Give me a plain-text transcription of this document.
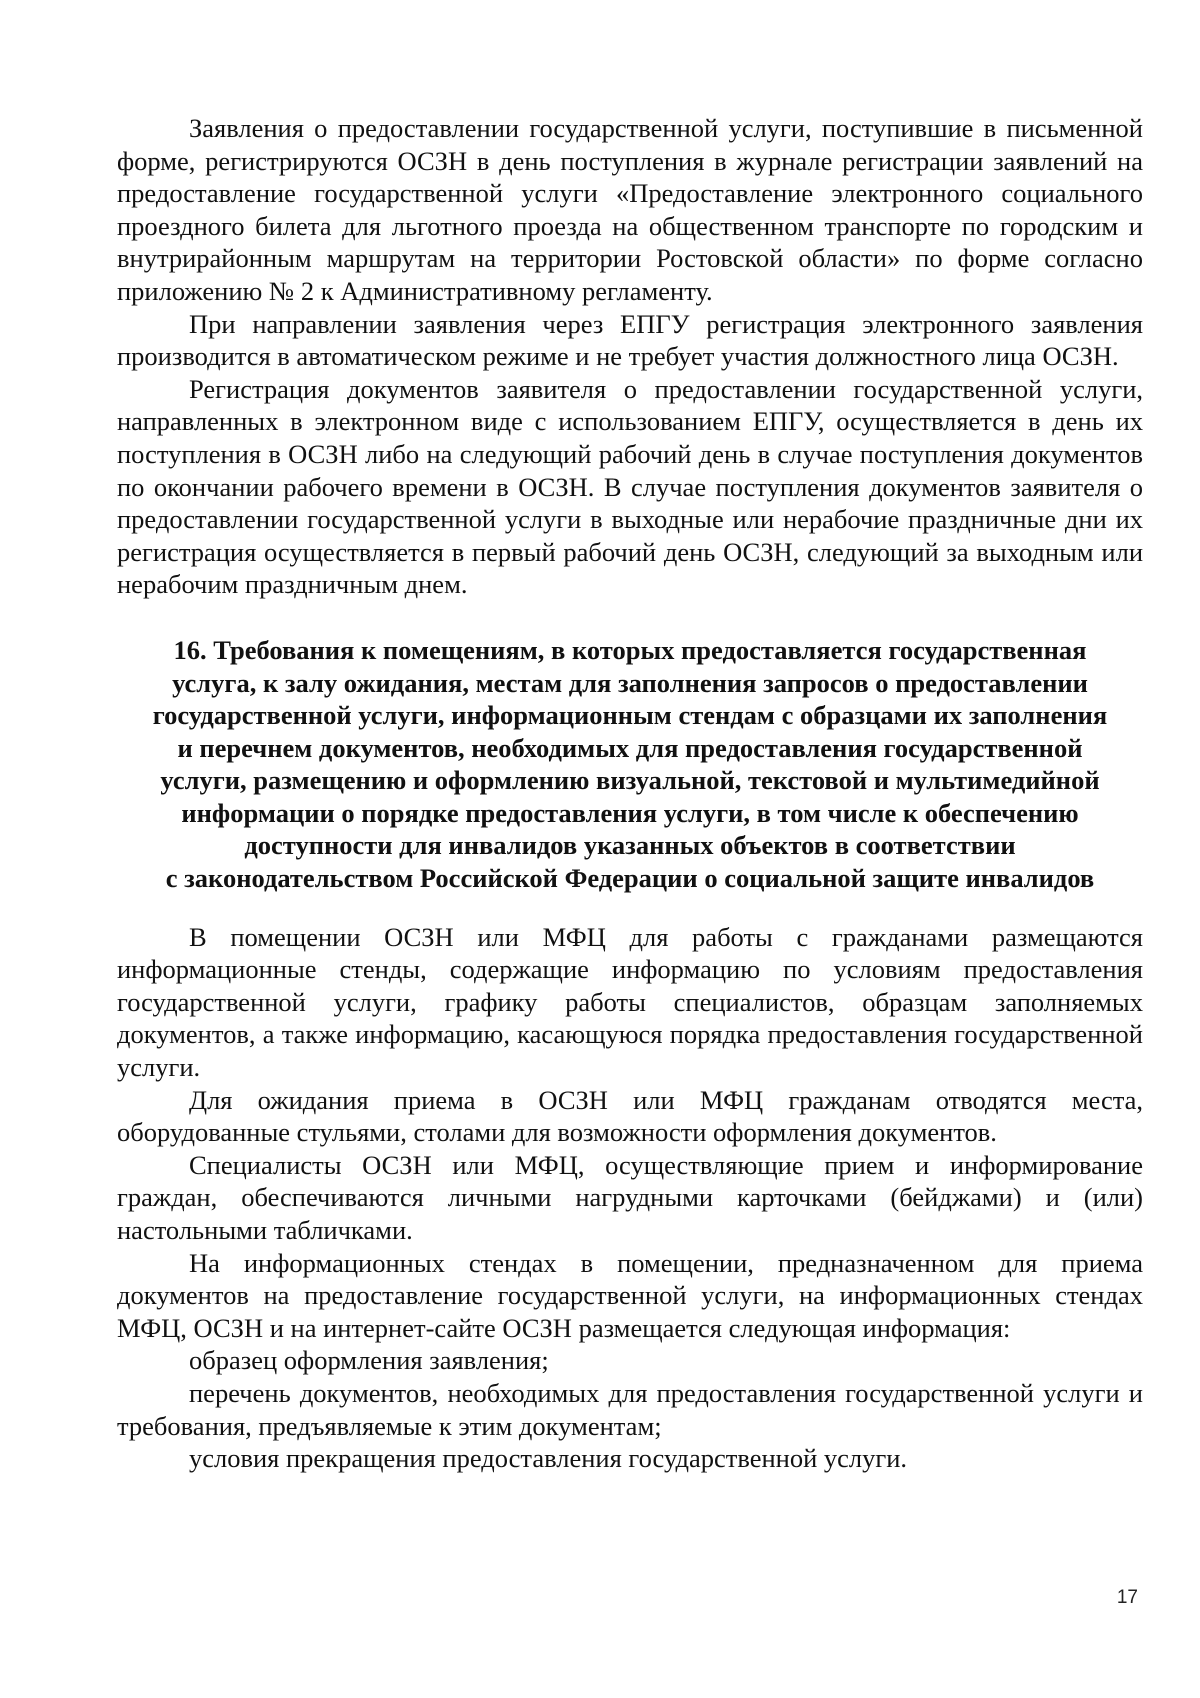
Заявления о предоставлении государственной услуги, поступившие в письменной форме, регистрируются ОСЗН в день поступления в журнале регистрации заявлений на предоставление государственной услуги «Предоставление электронного социального проездного билета для льготного проезда на общественном транспорте по городским и внутрирайонным маршрутам на территории Ростовской области» по форме согласно приложению № 2 к Административному регламенту.

При направлении заявления через ЕПГУ регистрация электронного заявления производится в автоматическом режиме и не требует участия должностного лица ОСЗН.

Регистрация документов заявителя о предоставлении государственной услуги, направленных в электронном виде с использованием ЕПГУ, осуществляется в день их поступления в ОСЗН либо на следующий рабочий день в случае поступления документов по окончании рабочего времени в ОСЗН. В случае поступления документов заявителя о предоставлении государственной услуги в выходные или нерабочие праздничные дни их регистрация осуществляется в первый рабочий день ОСЗН, следующий за выходным или нерабочим праздничным днем.

16. Требования к помещениям, в которых предоставляется государственная
услуга, к залу ожидания, местам для заполнения запросов о предоставлении
государственной услуги, информационным стендам с образцами их заполнения
и перечнем документов, необходимых для предоставления государственной
услуги, размещению и оформлению визуальной, текстовой и мультимедийной
информации о порядке предоставления услуги, в том числе к обеспечению
доступности для инвалидов указанных объектов в соответствии
с законодательством Российской Федерации о социальной защите инвалидов

В помещении ОСЗН или МФЦ для работы с гражданами размещаются информационные стенды, содержащие информацию по условиям предоставления государственной услуги, графику работы специалистов, образцам заполняемых документов, а также информацию, касающуюся порядка предоставления государственной услуги.

Для ожидания приема в ОСЗН или МФЦ гражданам отводятся места, оборудованные стульями, столами для возможности оформления документов.

Специалисты ОСЗН или МФЦ, осуществляющие прием и информирование граждан, обеспечиваются личными нагрудными карточками (бейджами) и (или) настольными табличками.

На информационных стендах в помещении, предназначенном для приема документов на предоставление государственной услуги, на информационных стендах МФЦ, ОСЗН и на интернет-сайте ОСЗН размещается следующая информация:

образец оформления заявления;

перечень документов, необходимых для предоставления государственной услуги и требования, предъявляемые к этим документам;

условия прекращения предоставления государственной услуги.

17
